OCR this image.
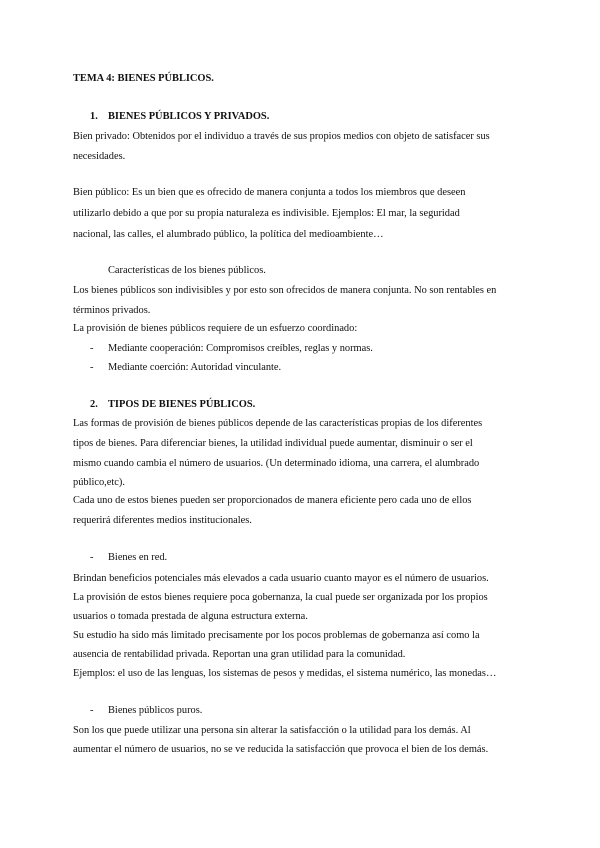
TEMA 4: BIENES PÚBLICOS.
1. BIENES PÚBLICOS Y PRIVADOS.
Bien privado: Obtenidos por el individuo a través de sus propios medios con objeto de satisfacer sus
necesidades.
Bien público: Es un bien que es ofrecido de manera conjunta a todos los miembros que deseen
utilizarlo debido a que por su propia naturaleza es indivisible. Ejemplos: El mar, la seguridad
nacional, las calles, el alumbrado público, la política del medioambiente…
Características de los bienes públicos.
Los bienes públicos son indivisibles y por esto son ofrecidos de manera conjunta. No son rentables en
términos privados.
La provisión de bienes públicos requiere de un esfuerzo coordinado:
- Mediante cooperación: Compromisos creíbles, reglas y normas.
- Mediante coerción: Autoridad vinculante.
2. TIPOS DE BIENES PÚBLICOS.
Las formas de provisión de bienes públicos depende de las características propias de los diferentes
tipos de bienes. Para diferenciar bienes, la utilidad individual puede aumentar, disminuir o ser el
mismo cuando cambia el número de usuarios. (Un determinado idioma, una carrera, el alumbrado
público,etc).
Cada uno de estos bienes pueden ser proporcionados de manera eficiente pero cada uno de ellos
requerirá diferentes medios institucionales.
- Bienes en red.
Brindan beneficios potenciales más elevados a cada usuario cuanto mayor es el número de usuarios.
La provisión de estos bienes requiere poca gobernanza, la cual puede ser organizada por los propios
usuarios o tomada prestada de alguna estructura externa.
Su estudio ha sido más limitado precisamente por los pocos problemas de gobernanza así como la
ausencia de rentabilidad privada. Reportan una gran utilidad para la comunidad.
Ejemplos: el uso de las lenguas, los sistemas de pesos y medidas, el sistema numérico, las monedas…
- Bienes públicos puros.
Son los que puede utilizar una persona sin alterar la satisfacción o la utilidad para los demás. Al
aumentar el número de usuarios, no se ve reducida la satisfacción que provoca el bien de los demás.
